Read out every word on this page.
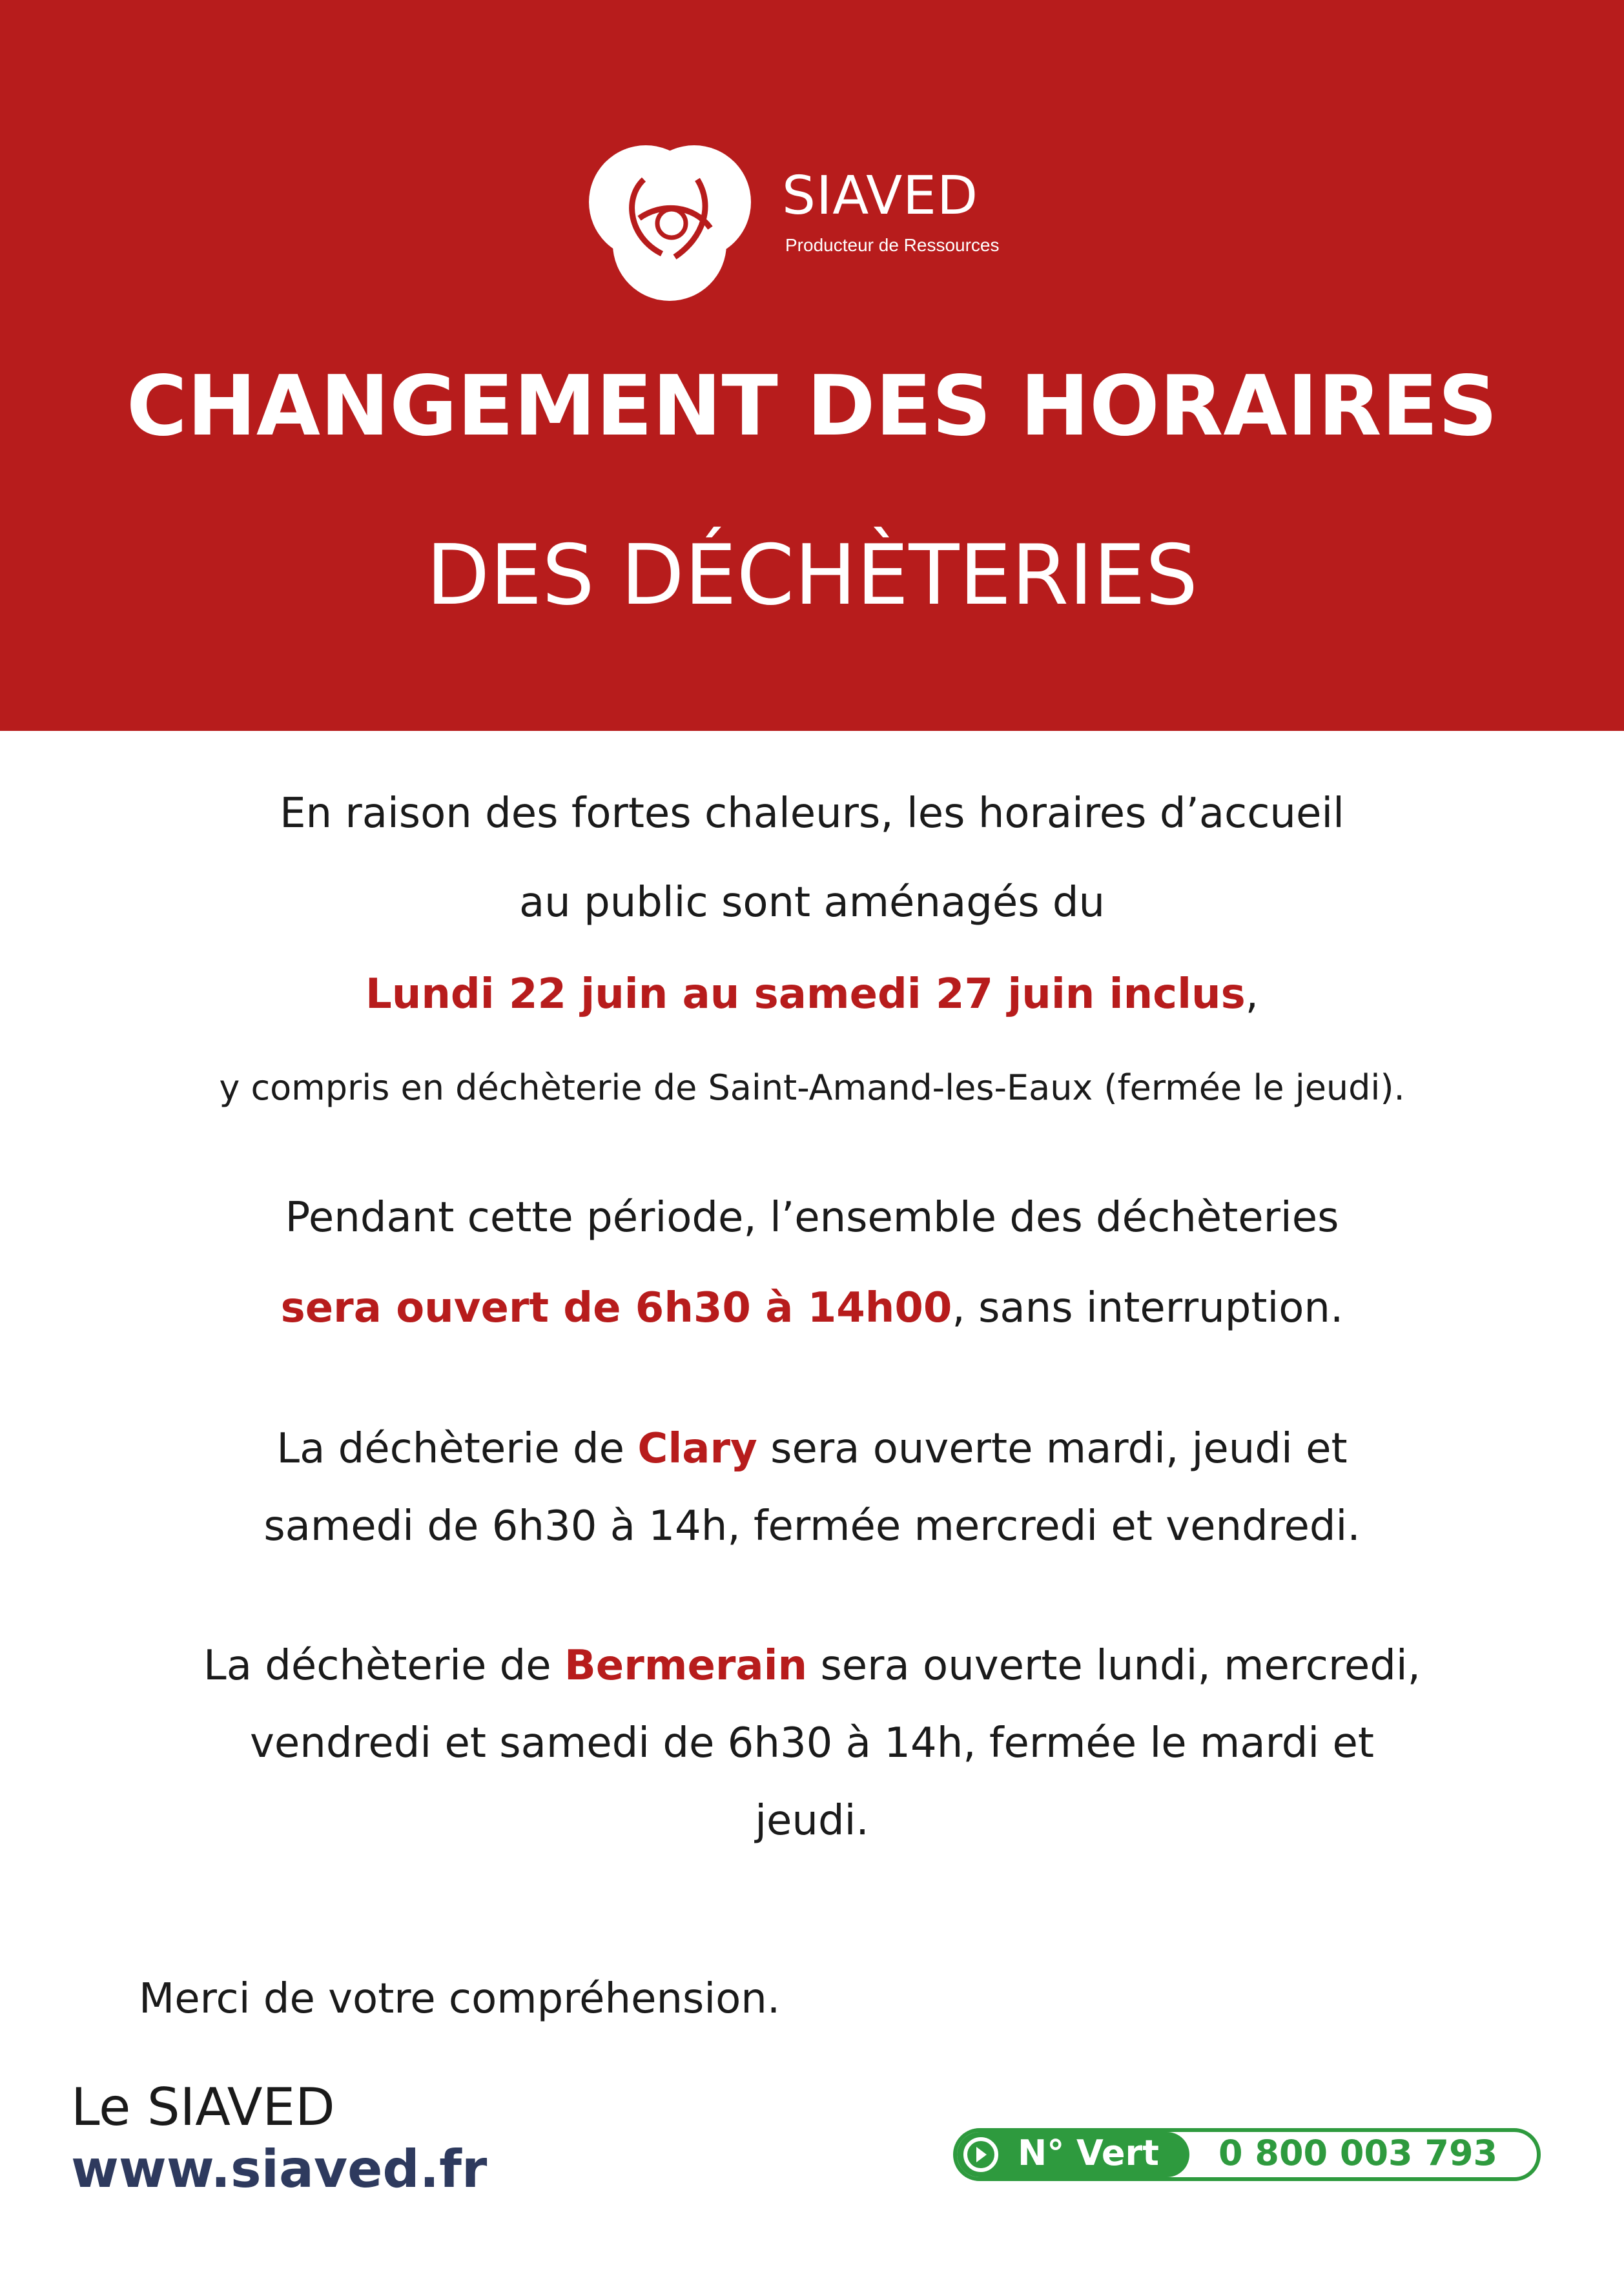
SIAVED
Producteur de Ressources
CHANGEMENT DES HORAIRES
DES DÉCHÈTERIES
En raison des fortes chaleurs, les horaires d’accueil
au public sont aménagés du
Lundi 22 juin au samedi 27 juin inclus,
y compris en déchèterie de Saint-Amand-les-Eaux (fermée le jeudi).
Pendant cette période, l’ensemble des déchèteries
sera ouvert de 6h30 à 14h00, sans interruption.
La déchèterie de Clary sera ouverte mardi, jeudi et
samedi de 6h30 à 14h, fermée mercredi et vendredi.
La déchèterie de Bermerain sera ouverte lundi, mercredi,
vendredi et samedi de 6h30 à 14h, fermée le mardi et
jeudi.
Merci de votre compréhension.
Le SIAVED
www.siaved.fr	N° Vert 0 800 003 793
